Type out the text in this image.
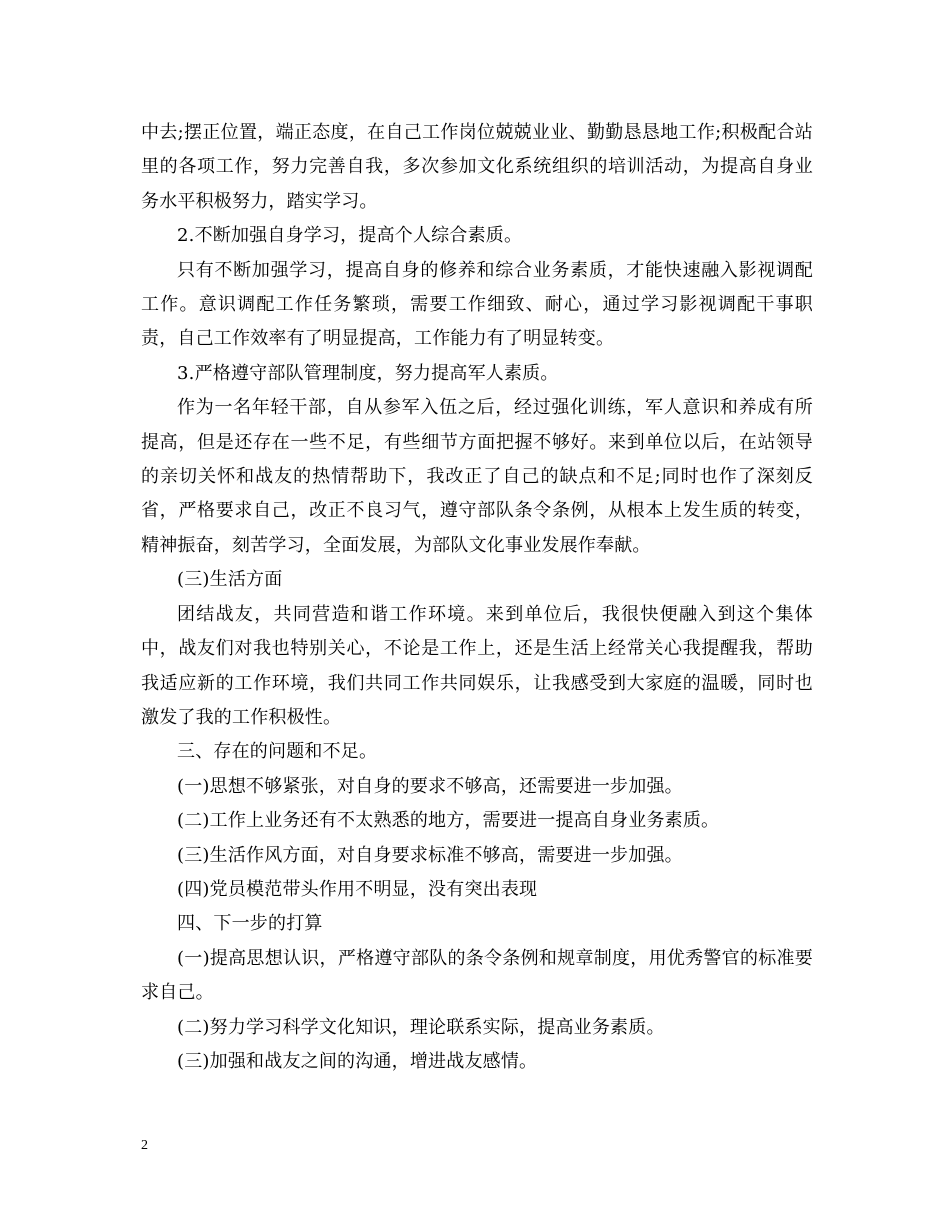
中去;摆正位置，端正态度，在自己工作岗位兢兢业业、勤勤恳恳地工作;积极配合站里的各项工作，努力完善自我，多次参加文化系统组织的培训活动，为提高自身业务水平积极努力，踏实学习。

2.不断加强自身学习，提高个人综合素质。

只有不断加强学习，提高自身的修养和综合业务素质，才能快速融入影视调配工作。意识调配工作任务繁琐，需要工作细致、耐心，通过学习影视调配干事职责，自己工作效率有了明显提高，工作能力有了明显转变。

3.严格遵守部队管理制度，努力提高军人素质。

作为一名年轻干部，自从参军入伍之后，经过强化训练，军人意识和养成有所提高，但是还存在一些不足，有些细节方面把握不够好。来到单位以后，在站领导的亲切关怀和战友的热情帮助下，我改正了自己的缺点和不足;同时也作了深刻反省，严格要求自己，改正不良习气，遵守部队条令条例，从根本上发生质的转变，精神振奋，刻苦学习，全面发展，为部队文化事业发展作奉献。

(三)生活方面

团结战友，共同营造和谐工作环境。来到单位后，我很快便融入到这个集体中，战友们对我也特别关心，不论是工作上，还是生活上经常关心我提醒我，帮助我适应新的工作环境，我们共同工作共同娱乐，让我感受到大家庭的温暖，同时也激发了我的工作积极性。

三、存在的问题和不足。

(一)思想不够紧张，对自身的要求不够高，还需要进一步加强。

(二)工作上业务还有不太熟悉的地方，需要进一提高自身业务素质。

(三)生活作风方面，对自身要求标准不够高，需要进一步加强。

(四)党员模范带头作用不明显，没有突出表现

四、下一步的打算

(一)提高思想认识，严格遵守部队的条令条例和规章制度，用优秀警官的标准要求自己。

(二)努力学习科学文化知识，理论联系实际，提高业务素质。

(三)加强和战友之间的沟通，增进战友感情。

2
